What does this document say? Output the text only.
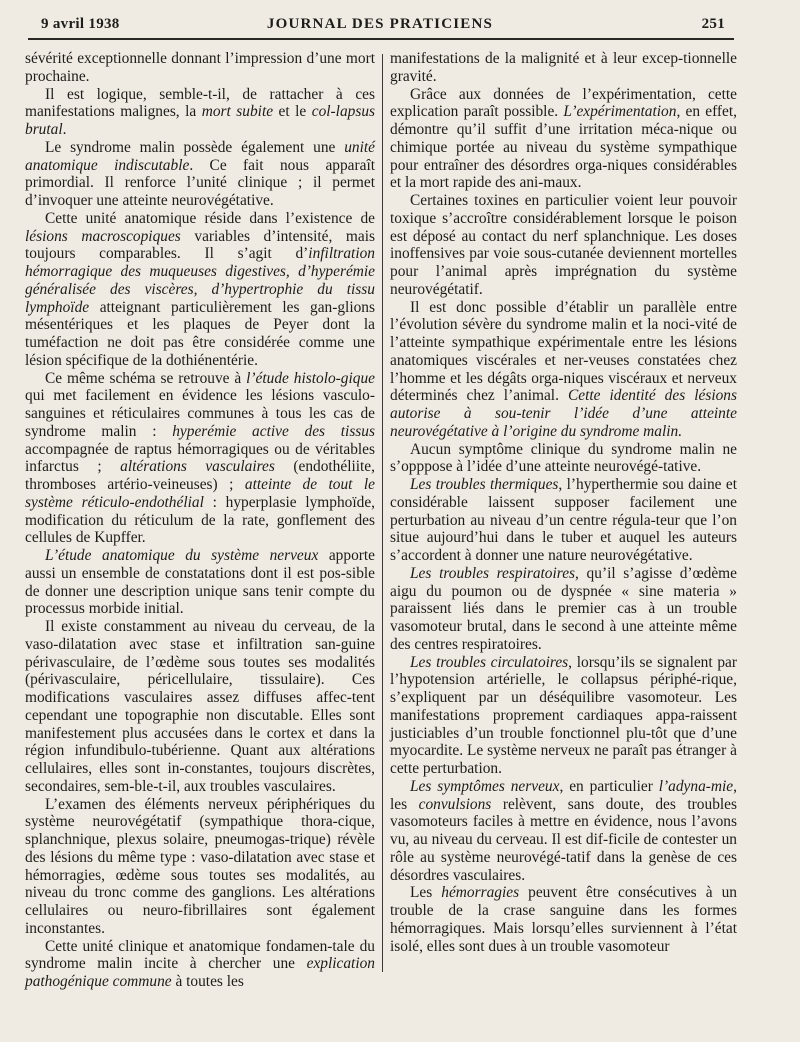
9 avril 1938	JOURNAL DES PRATICIENS	251

sévérité exceptionnelle donnant l’impression d’une mort prochaine.

Il est logique, semble-t-il, de rattacher à ces manifestations malignes, la mort subite et le col-lapsus brutal.

Le syndrome malin possède également une unité anatomique indiscutable. Ce fait nous apparaît primordial. Il renforce l’unité clinique ; il permet d’invoquer une atteinte neurovégétative.

Cette unité anatomique réside dans l’existence de lésions macroscopiques variables d’intensité, mais toujours comparables. Il s’agit d’infiltration hémorragique des muqueuses digestives, d’hyperémie généralisée des viscères, d’hypertrophie du tissu lymphoïde atteignant particulièrement les gan-glions mésentériques et les plaques de Peyer dont la tuméfaction ne doit pas être considérée comme une lésion spécifique de la dothiénentérie.

Ce même schéma se retrouve à l’étude histolo-gique qui met facilement en évidence les lésions vasculo-sanguines et réticulaires communes à tous les cas de syndrome malin : hyperémie active des tissus accompagnée de raptus hémorragiques ou de véritables infarctus ; altérations vasculaires (endothéliite, thromboses artério-veineuses) ; atteinte de tout le système réticulo-endothélial : hyperplasie lymphoïde, modification du réticulum de la rate, gonflement des cellules de Kupffer.

L’étude anatomique du système nerveux apporte aussi un ensemble de constatations dont il est pos-sible de donner une description unique sans tenir compte du processus morbide initial.

Il existe constamment au niveau du cerveau, de la vaso-dilatation avec stase et infiltration san-guine périvasculaire, de l’œdème sous toutes ses modalités (périvasculaire, péricellulaire, tissulaire). Ces modifications vasculaires assez diffuses affec-tent cependant une topographie non discutable. Elles sont manifestement plus accusées dans le cortex et dans la région infundibulo-tubérienne. Quant aux altérations cellulaires, elles sont in-constantes, toujours discrètes, secondaires, sem-ble-t-il, aux troubles vasculaires.

L’examen des éléments nerveux périphériques du système neurovégétatif (sympathique thora-cique, splanchnique, plexus solaire, pneumogas-trique) révèle des lésions du même type : vaso-dilatation avec stase et hémorragies, œdème sous toutes ses modalités, au niveau du tronc comme des ganglions. Les altérations cellulaires ou neuro-fibrillaires sont également inconstantes.

Cette unité clinique et anatomique fondamen-tale du syndrome malin incite à chercher une explication pathogénique commune à toutes les

manifestations de la malignité et à leur excep-tionnelle gravité.

Grâce aux données de l’expérimentation, cette explication paraît possible. L’expérimentation, en effet, démontre qu’il suffit d’une irritation méca-nique ou chimique portée au niveau du système sympathique pour entraîner des désordres orga-niques considérables et la mort rapide des ani-maux.

Certaines toxines en particulier voient leur pouvoir toxique s’accroître considérablement lorsque le poison est déposé au contact du nerf splanchnique. Les doses inoffensives par voie sous-cutanée deviennent mortelles pour l’animal après imprégnation du système neurovégétatif.

Il est donc possible d’établir un parallèle entre l’évolution sévère du syndrome malin et la noci-vité de l’atteinte sympathique expérimentale entre les lésions anatomiques viscérales et ner-veuses constatées chez l’homme et les dégâts orga-niques viscéraux et nerveux déterminés chez l’animal. Cette identité des lésions autorise à sou-tenir l’idée d’une atteinte neurovégétative à l’origine du syndrome malin.

Aucun symptôme clinique du syndrome malin ne s’opppose à l’idée d’une atteinte neurovégé-tative.

Les troubles thermiques, l’hyperthermie sou daine et considérable laissent supposer facilement une perturbation au niveau d’un centre régula-teur que l’on situe aujourd’hui dans le tuber et auquel les auteurs s’accordent à donner une nature neurovégétative.

Les troubles respiratoires, qu’il s’agisse d’œdème aigu du poumon ou de dyspnée « sine materia » paraissent liés dans le premier cas à un trouble vasomoteur brutal, dans le second à une atteinte même des centres respiratoires.

Les troubles circulatoires, lorsqu’ils se signalent par l’hypotension artérielle, le collapsus périphé-rique, s’expliquent par un déséquilibre vasomoteur. Les manifestations proprement cardiaques appa-raissent justiciables d’un trouble fonctionnel plu-tôt que d’une myocardite. Le système nerveux ne paraît pas étranger à cette perturbation.

Les symptômes nerveux, en particulier l’adyna-mie, les convulsions relèvent, sans doute, des troubles vasomoteurs faciles à mettre en évidence, nous l’avons vu, au niveau du cerveau. Il est dif-ficile de contester un rôle au système neurovégé-tatif dans la genèse de ces désordres vasculaires.

Les hémorragies peuvent être consécutives à un trouble de la crase sanguine dans les formes hémorragiques. Mais lorsqu’elles surviennent à l’état isolé, elles sont dues à un trouble vasomoteur
